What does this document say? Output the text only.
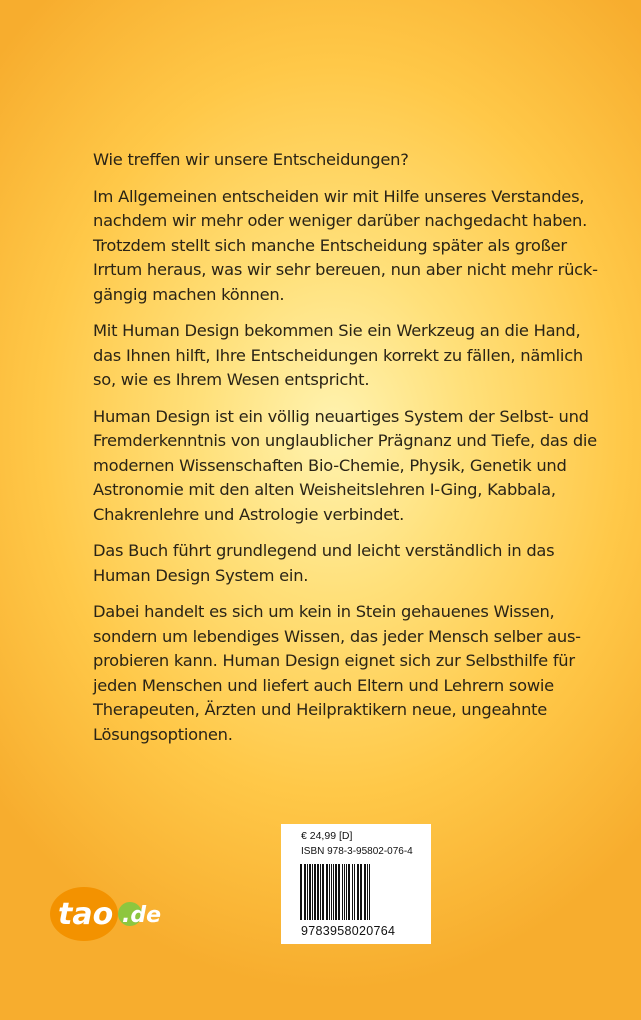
Wie treffen wir unsere Entscheidungen?

Im Allgemeinen entscheiden wir mit Hilfe unseres Verstandes,
nachdem wir mehr oder weniger darüber nachgedacht haben.
Trotzdem stellt sich manche Entscheidung später als großer
Irrtum heraus, was wir sehr bereuen, nun aber nicht mehr rück-
gängig machen können.

Mit Human Design bekommen Sie ein Werkzeug an die Hand,
das Ihnen hilft, Ihre Entscheidungen korrekt zu fällen, nämlich
so, wie es Ihrem Wesen entspricht.

Human Design ist ein völlig neuartiges System der Selbst- und
Fremderkenntnis von unglaublicher Prägnanz und Tiefe, das die
modernen Wissenschaften Bio-Chemie, Physik, Genetik und
Astronomie mit den alten Weisheitslehren I-Ging, Kabbala,
Chakrenlehre und Astrologie verbindet.

Das Buch führt grundlegend und leicht verständlich in das
Human Design System ein.

Dabei handelt es sich um kein in Stein gehauenes Wissen,
sondern um lebendiges Wissen, das jeder Mensch selber aus-
probieren kann. Human Design eignet sich zur Selbsthilfe für
jeden Menschen und liefert auch Eltern und Lehrern sowie
Therapeuten, Ärzten und Heilpraktikern neue, ungeahnte
Lösungsoptionen.

tao .de
€ 24,99 [D]
ISBN 978-3-95802-076-4
9783958020764
